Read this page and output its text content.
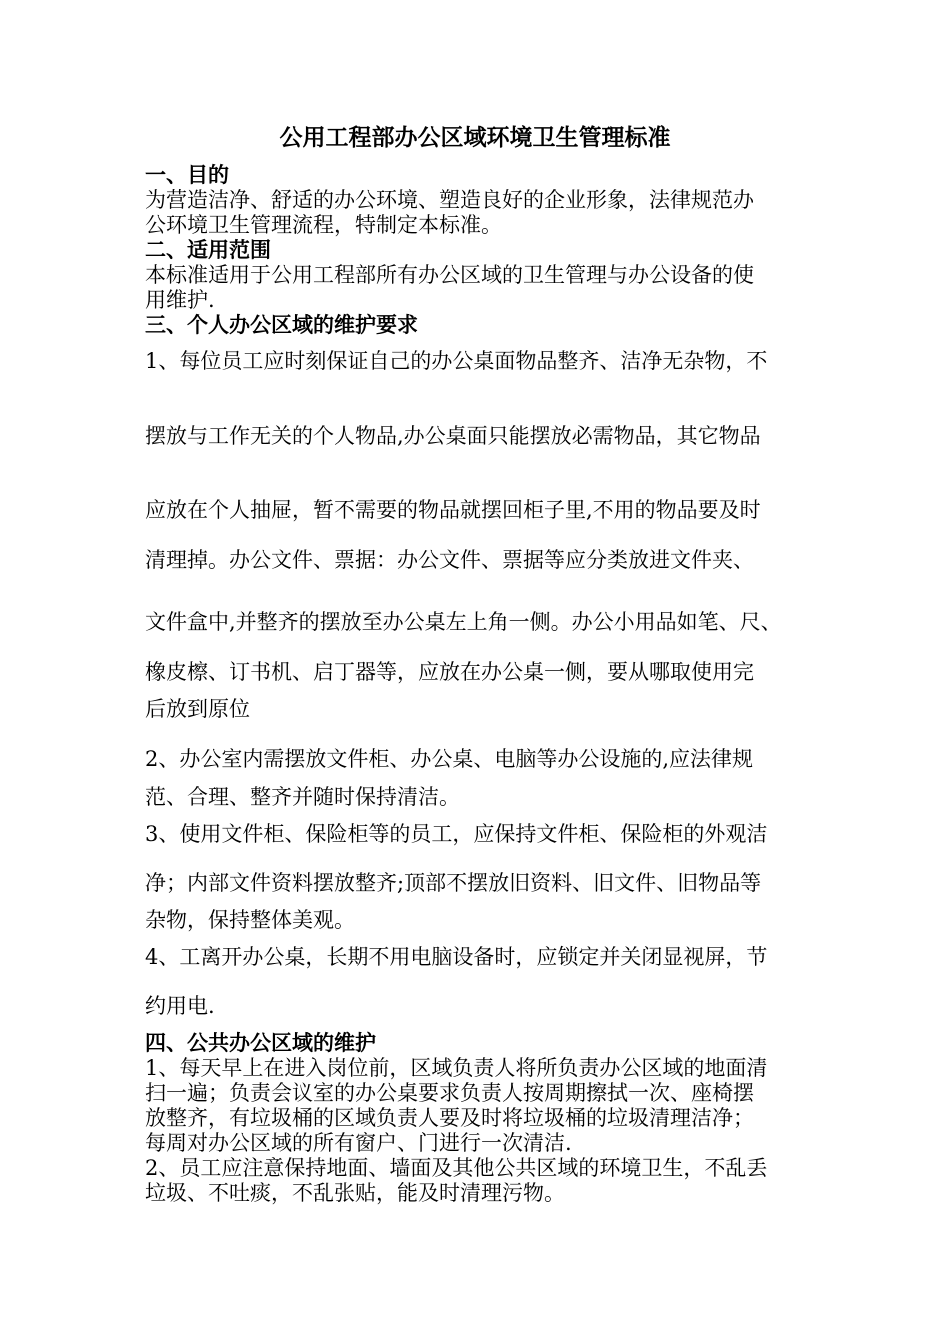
公用工程部办公区域环境卫生管理标准
一、目的
为营造洁净、舒适的办公环境、塑造良好的企业形象，法律规范办
公环境卫生管理流程，特制定本标准。
二、适用范围
本标准适用于公用工程部所有办公区域的卫生管理与办公设备的使
用维护.
三、个人办公区域的维护要求
1、每位员工应时刻保证自己的办公桌面物品整齐、洁净无杂物，不
摆放与工作无关的个人物品,办公桌面只能摆放必需物品，其它物品
应放在个人抽屉，暂不需要的物品就摆回柜子里,不用的物品要及时
清理掉。办公文件、票据：办公文件、票据等应分类放进文件夹、
文件盒中,并整齐的摆放至办公桌左上角一侧。办公小用品如笔、尺、
橡皮檫、订书机、启丁器等，应放在办公桌一侧，要从哪取使用完
后放到原位
2、办公室内需摆放文件柜、办公桌、电脑等办公设施的,应法律规
范、合理、整齐并随时保持清洁。
3、使用文件柜、保险柜等的员工，应保持文件柜、保险柜的外观洁
净；内部文件资料摆放整齐;顶部不摆放旧资料、旧文件、旧物品等
杂物，保持整体美观。
4、工离开办公桌，长期不用电脑设备时，应锁定并关闭显视屏，节
约用电.
四、公共办公区域的维护
1、每天早上在进入岗位前，区域负责人将所负责办公区域的地面清
扫一遍；负责会议室的办公桌要求负责人按周期擦拭一次、座椅摆
放整齐，有垃圾桶的区域负责人要及时将垃圾桶的垃圾清理洁净；
每周对办公区域的所有窗户、门进行一次清洁.
2、员工应注意保持地面、墙面及其他公共区域的环境卫生，不乱丢
垃圾、不吐痰，不乱张贴，能及时清理污物。
